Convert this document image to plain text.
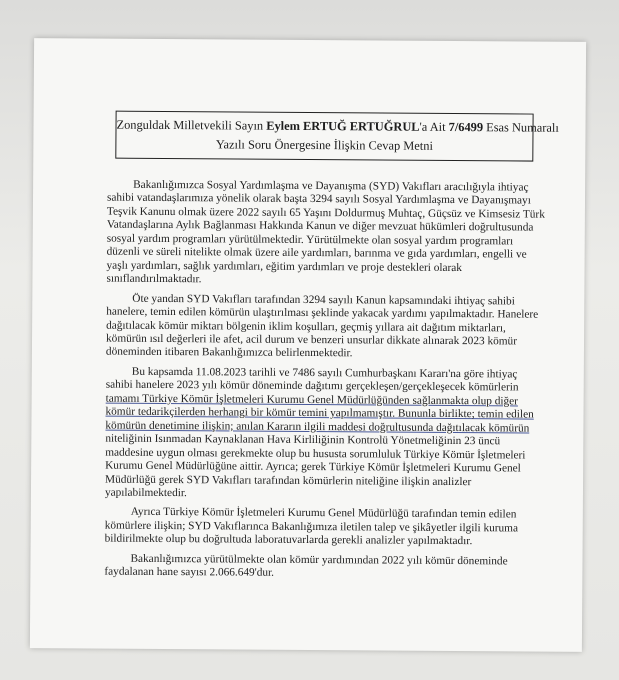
Zonguldak Milletvekili Sayın Eylem ERTUĞ ERTUĞRUL'a Ait 7/6499 Esas Numaralı
Yazılı Soru Önergesine İlişkin Cevap Metni

Bakanlığımızca Sosyal Yardımlaşma ve Dayanışma (SYD) Vakıfları aracılığıyla ihtiyaç
sahibi vatandaşlarımıza yönelik olarak başta 3294 sayılı Sosyal Yardımlaşma ve Dayanışmayı
Teşvik Kanunu olmak üzere 2022 sayılı 65 Yaşını Doldurmuş Muhtaç, Güçsüz ve Kimsesiz Türk
Vatandaşlarına Aylık Bağlanması Hakkında Kanun ve diğer mevzuat hükümleri doğrultusunda
sosyal yardım programları yürütülmektedir. Yürütülmekte olan sosyal yardım programları
düzenli ve süreli nitelikte olmak üzere aile yardımları, barınma ve gıda yardımları, engelli ve
yaşlı yardımları, sağlık yardımları, eğitim yardımları ve proje destekleri olarak
sınıflandırılmaktadır.

Öte yandan SYD Vakıfları tarafından 3294 sayılı Kanun kapsamındaki ihtiyaç sahibi
hanelere, temin edilen kömürün ulaştırılması şeklinde yakacak yardımı yapılmaktadır. Hanelere
dağıtılacak kömür miktarı bölgenin iklim koşulları, geçmiş yıllara ait dağıtım miktarları,
kömürün ısıl değerleri ile afet, acil durum ve benzeri unsurlar dikkate alınarak 2023 kömür
döneminden itibaren Bakanlığımızca belirlenmektedir.

Bu kapsamda 11.08.2023 tarihli ve 7486 sayılı Cumhurbaşkanı Kararı'na göre ihtiyaç
sahibi hanelere 2023 yılı kömür döneminde dağıtımı gerçekleşen/gerçekleşecek kömürlerin
tamamı Türkiye Kömür İşletmeleri Kurumu Genel Müdürlüğünden sağlanmakta olup diğer
kömür tedarikçilerden herhangi bir kömür temini yapılmamıştır. Bununla birlikte; temin edilen
kömürün denetimine ilişkin; anılan Kararın ilgili maddesi doğrultusunda dağıtılacak kömürün
niteliğinin Isınmadan Kaynaklanan Hava Kirliliğinin Kontrolü Yönetmeliğinin 23 üncü
maddesine uygun olması gerekmekte olup bu hususta sorumluluk Türkiye Kömür İşletmeleri
Kurumu Genel Müdürlüğüne aittir. Ayrıca; gerek Türkiye Kömür İşletmeleri Kurumu Genel
Müdürlüğü gerek SYD Vakıfları tarafından kömürlerin niteliğine ilişkin analizler
yapılabilmektedir.

Ayrıca Türkiye Kömür İşletmeleri Kurumu Genel Müdürlüğü tarafından temin edilen
kömürlere ilişkin; SYD Vakıflarınca Bakanlığımıza iletilen talep ve şikâyetler ilgili kuruma
bildirilmekte olup bu doğrultuda laboratuvarlarda gerekli analizler yapılmaktadır.

Bakanlığımızca yürütülmekte olan kömür yardımından 2022 yılı kömür döneminde
faydalanan hane sayısı 2.066.649'dur.
